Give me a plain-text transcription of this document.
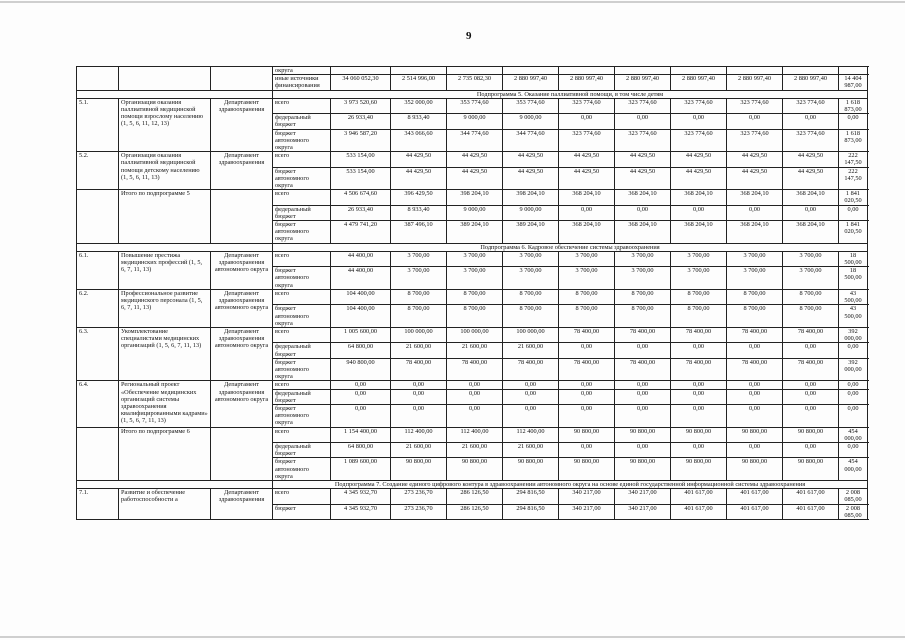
9
			округа										
			иные источники финансирования	34 060 052,30	2 514 996,00	2 735 082,30	2 880 997,40	2 880 997,40	2 880 997,40	2 880 997,40	2 880 997,40	2 880 997,40	14 404 987,00
			Подпрограмма 5. Оказание паллиативной помощи, в том числе детям										
5.1.	Организация оказания паллиативной медицинской помощи взрослому населению (1, 5, 6, 11, 12, 13)	Департамент здравоохранения	всего	3 973 520,60	352 000,00	353 774,60	353 774,60	323 774,60	323 774,60	323 774,60	323 774,60	323 774,60	1 618 873,00
			федеральный бюджет	26 933,40	8 933,40	9 000,00	9 000,00	0,00	0,00	0,00	0,00	0,00	0,00
			бюджет автономного округа	3 946 587,20	343 066,60	344 774,60	344 774,60	323 774,60	323 774,60	323 774,60	323 774,60	323 774,60	1 618 873,00
5.2.	Организация оказания паллиативной медицинской помощи детскому населению (1, 5, 6, 11, 13)	Департамент здравоохранения	всего	533 154,00	44 429,50	44 429,50	44 429,50	44 429,50	44 429,50	44 429,50	44 429,50	44 429,50	222 147,50
			бюджет автономного округа	533 154,00	44 429,50	44 429,50	44 429,50	44 429,50	44 429,50	44 429,50	44 429,50	44 429,50	222 147,50
	Итого по подпрограмме 5		всего	4 506 674,60	396 429,50	398 204,10	398 204,10	368 204,10	368 204,10	368 204,10	368 204,10	368 204,10	1 841 020,50
			федеральный бюджет	26 933,40	8 933,40	9 000,00	9 000,00	0,00	0,00	0,00	0,00	0,00	0,00
			бюджет автономного округа	4 479 741,20	387 496,10	389 204,10	389 204,10	368 204,10	368 204,10	368 204,10	368 204,10	368 204,10	1 841 020,50
			Подпрограмма 6. Кадровое обеспечение системы здравоохранения										
6.1.	Повышение престижа медицинских профессий (1, 5, 6, 7, 11, 13)	Департамент здравоохранения автономного округа	всего	44 400,00	3 700,00	3 700,00	3 700,00	3 700,00	3 700,00	3 700,00	3 700,00	3 700,00	18 500,00
			бюджет автономного округа	44 400,00	3 700,00	3 700,00	3 700,00	3 700,00	3 700,00	3 700,00	3 700,00	3 700,00	18 500,00
6.2.	Профессиональное развитие медицинского персонала (1, 5, 6, 7, 11, 13)	Департамент здравоохранения автономного округа	всего	104 400,00	8 700,00	8 700,00	8 700,00	8 700,00	8 700,00	8 700,00	8 700,00	8 700,00	43 500,00
			бюджет автономного округа	104 400,00	8 700,00	8 700,00	8 700,00	8 700,00	8 700,00	8 700,00	8 700,00	8 700,00	43 500,00
6.3.	Укомплектование специалистами медицинских организаций (1, 5, 6, 7, 11, 13)	Департамент здравоохранения автономного округа	всего	1 005 600,00	100 000,00	100 000,00	100 000,00	78 400,00	78 400,00	78 400,00	78 400,00	78 400,00	392 000,00
			федеральный бюджет	64 800,00	21 600,00	21 600,00	21 600,00	0,00	0,00	0,00	0,00	0,00	0,00
			бюджет автономного округа	940 800,00	78 400,00	78 400,00	78 400,00	78 400,00	78 400,00	78 400,00	78 400,00	78 400,00	392 000,00
6.4.	Региональный проект «Обеспечение медицинских организаций системы здравоохранения квалифицированными кадрами» (1, 5, 6, 7, 11, 13)	Департамент здравоохранения автономного округа	всего	0,00	0,00	0,00	0,00	0,00	0,00	0,00	0,00	0,00	0,00
			федеральный бюджет	0,00	0,00	0,00	0,00	0,00	0,00	0,00	0,00	0,00	0,00
			бюджет автономного округа	0,00	0,00	0,00	0,00	0,00	0,00	0,00	0,00	0,00	0,00
	Итого по подпрограмме 6		всего	1 154 400,00	112 400,00	112 400,00	112 400,00	90 800,00	90 800,00	90 800,00	90 800,00	90 800,00	454 000,00
			федеральный бюджет	64 800,00	21 600,00	21 600,00	21 600,00	0,00	0,00	0,00	0,00	0,00	0,00
			бюджет автономного округа	1 089 600,00	90 800,00	90 800,00	90 800,00	90 800,00	90 800,00	90 800,00	90 800,00	90 800,00	454 000,00
			Подпрограмма 7. Создание единого цифрового контура в здравоохранении автономного округа на основе единой государственной информационной системы здравоохранения										
7.1.	Развитие и обеспечение работоспособности а	Департамент здравоохранения	всего	4 345 932,70	273 236,70	286 126,50	294 816,50	340 217,00	340 217,00	401 617,00	401 617,00	401 617,00	2 008 085,00
			бюджет	4 345 932,70	273 236,70	286 126,50	294 816,50	340 217,00	340 217,00	401 617,00	401 617,00	401 617,00	2 008 085,00
